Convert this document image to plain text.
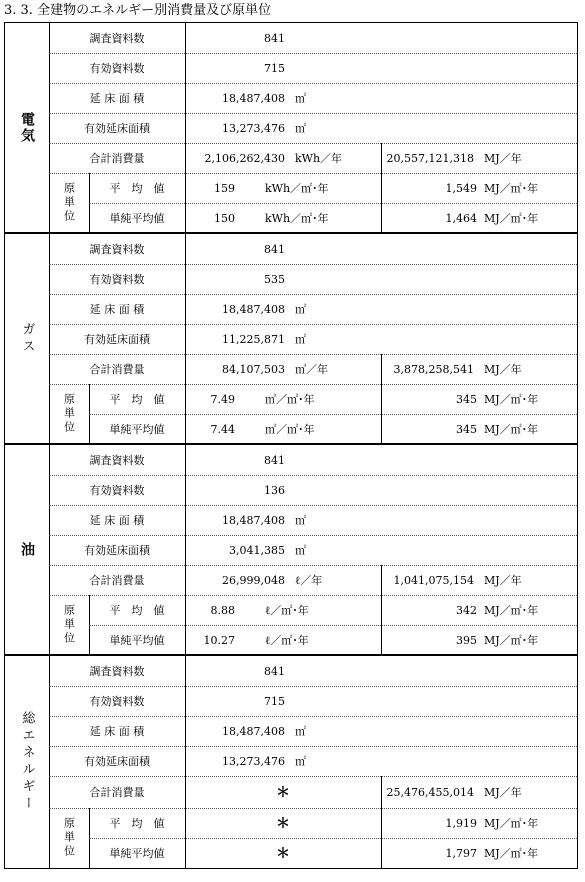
3. 3. 全建物のエネルギー別消費量及び原単位
電気
調査資料数	841
有効資料数	715
延 床 面 積	18,487,408 ㎡
有効延床面積	13,273,476 ㎡
合計消費量	2,106,262,430 kWh／年	20,557,121,318 MJ／年
原単位	平　均　値	159	kWh／㎡･年	1,549 MJ／㎡･年
単純平均値	150	kWh／㎡･年	1,464 MJ／㎡･年
ガス
調査資料数	841
有効資料数	535
延 床 面 積	18,487,408 ㎡
有効延床面積	11,225,871 ㎡
合計消費量	84,107,503 ㎥／年	3,878,258,541 MJ／年
原単位	平　均　値	7.49	㎥／㎡･年	345 MJ／㎡･年
単純平均値	7.44	㎥／㎡･年	345 MJ／㎡･年
油
調査資料数	841
有効資料数	136
延 床 面 積	18,487,408 ㎡
有効延床面積	3,041,385 ㎡
合計消費量	26,999,048 ℓ／年	1,041,075,154 MJ／年
原単位	平　均　値	8.88	ℓ／㎡･年	342 MJ／㎡･年
単純平均値	10.27	ℓ／㎡･年	395 MJ／㎡･年
総エネルギー
調査資料数	841
有効資料数	715
延 床 面 積	18,487,408 ㎡
有効延床面積	13,273,476 ㎡
合計消費量	＊	25,476,455,014 MJ／年
原単位	平　均　値	＊	1,919 MJ／㎡･年
単純平均値	＊	1,797 MJ／㎡･年
